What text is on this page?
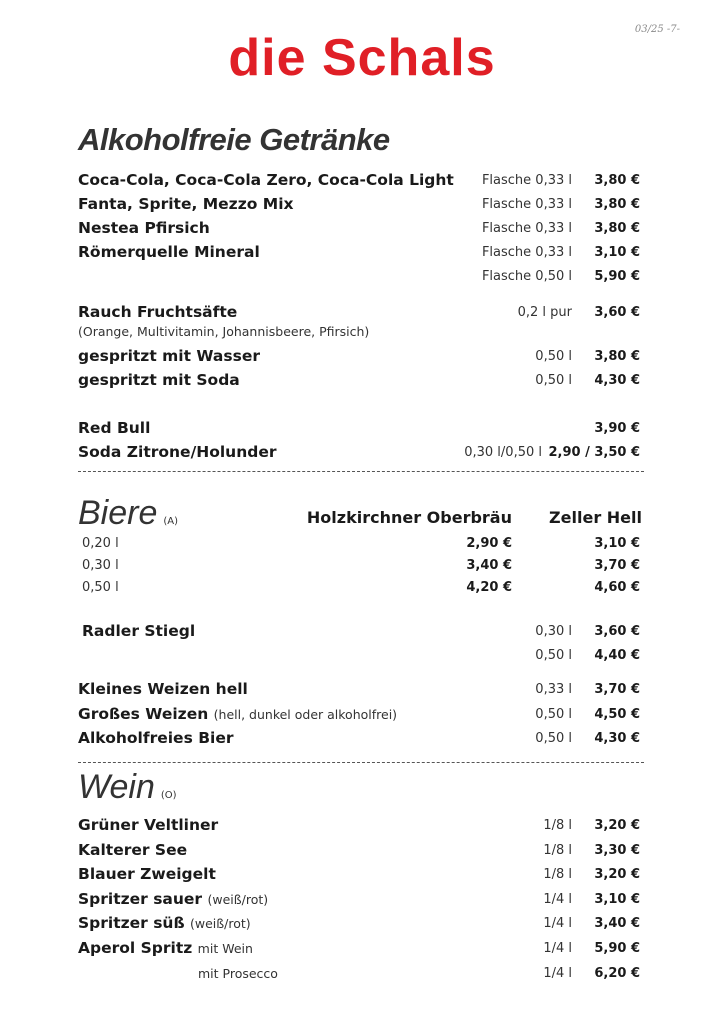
die Schals	03/25 -7-
Alkoholfreie Getränke
Coca-Cola, Coca-Cola Zero, Coca-Cola Light Flasche 0,33 l 3,80 €
Fanta, Sprite, Mezzo Mix	Flasche 0,33 l 3,80 €
Nestea Pfirsich	Flasche 0,33 l 3,80 €
Römerquelle Mineral	Flasche 0,33 l 3,10 €
Flasche 0,50 l 5,90 €
Rauch Fruchtsäfte	0,2 l pur 3,60 €
(Orange, Multivitamin, Johannisbeere, Pfirsich)
gespritzt mit Wasser	0,50 l 3,80 €
gespritzt mit Soda	0,50 l 4,30 €
Red Bull	3,90 €
Soda Zitrone/Holunder	0,30 l/0,50 l 2,90 / 3,50 €
Biere (A)	Holzkirchner Oberbräu Zeller Hell
0,20 l	2,90 €	3,10 €
0,30 l	3,40 €	3,70 €
0,50 l	4,20 €	4,60 €
Radler Stiegl	0,30 l 3,60 €
0,50 l 4,40 €
Kleines Weizen hell	0,33 l 3,70 €
Großes Weizen (hell, dunkel oder alkoholfrei)	0,50 l 4,50 €
Alkoholfreies Bier	0,50 l 4,30 €
Wein (O)
Grüner Veltliner	1/8 l 3,20 €
Kalterer See	1/8 l 3,30 €
Blauer Zweigelt	1/8 l 3,20 €
Spritzer sauer (weiß/rot)	1/4 l 3,10 €
Spritzer süß (weiß/rot)	1/4 l 3,40 €
Aperol Spritz mit Wein	1/4 l 5,90 €
mit Prosecco	1/4 l 6,20 €
